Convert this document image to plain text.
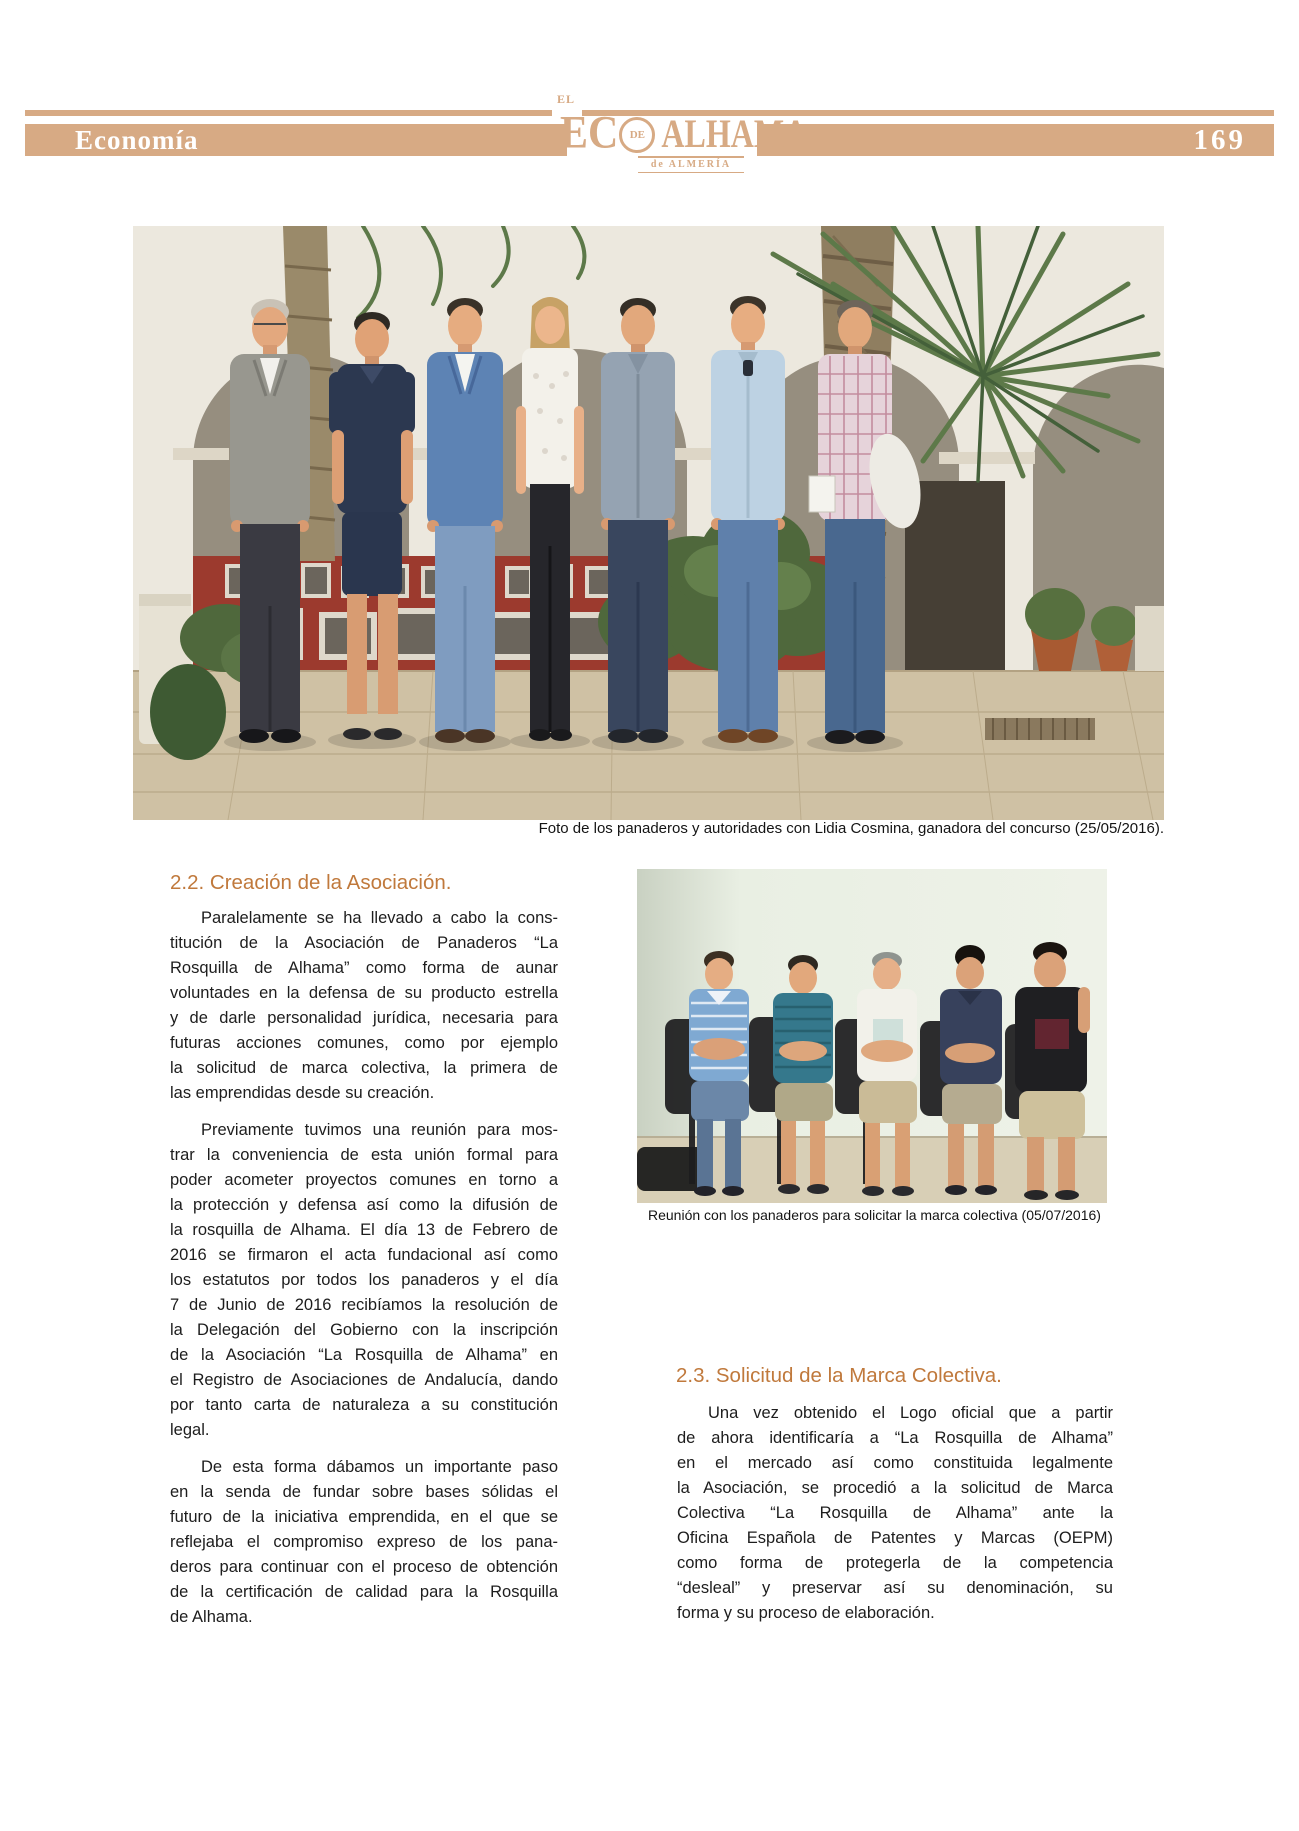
Economía	169
EL
EC DE ALHAMA
de ALMERÍA
Foto de los panaderos y autoridades con Lidia Cosmina, ganadora del concurso (25/05/2016).
2.2. Creación de la Asociación.
Paralelamente se ha llevado a cabo la cons-
titución de la Asociación de Panaderos “La
Rosquilla de Alhama” como forma de aunar
voluntades en la defensa de su producto estrella
y de darle personalidad jurídica, necesaria para
futuras acciones comunes, como por ejemplo
la solicitud de marca colectiva, la primera de
las emprendidas desde su creación.
Previamente tuvimos una reunión para mos-
trar la conveniencia de esta unión formal para
poder acometer proyectos comunes en torno a
la protección y defensa así como la difusión de
la rosquilla de Alhama. El día 13 de Febrero de
2016 se firmaron el acta fundacional así como
los estatutos por todos los panaderos y el día
7 de Junio de 2016 recibíamos la resolución de
la Delegación del Gobierno con la inscripción
de la Asociación “La Rosquilla de Alhama” en
el Registro de Asociaciones de Andalucía, dando
por tanto carta de naturaleza a su constitución
legal.
De esta forma dábamos un importante paso
en la senda de fundar sobre bases sólidas el
futuro de la iniciativa emprendida, en el que se
reflejaba el compromiso expreso de los pana-
deros para continuar con el proceso de obtención
de la certificación de calidad para la Rosquilla
de Alhama.
Reunión con los panaderos para solicitar la marca colectiva (05/07/2016)
2.3. Solicitud de la Marca Colectiva.
Una vez obtenido el Logo oficial que a partir
de ahora identificaría a “La Rosquilla de Alhama”
en el mercado así como constituida legalmente
la Asociación, se procedió a la solicitud de Marca
Colectiva “La Rosquilla de Alhama” ante la
Oficina Española de Patentes y Marcas (OEPM)
como forma de protegerla de la competencia
“desleal” y preservar así su denominación, su
forma y su proceso de elaboración.
